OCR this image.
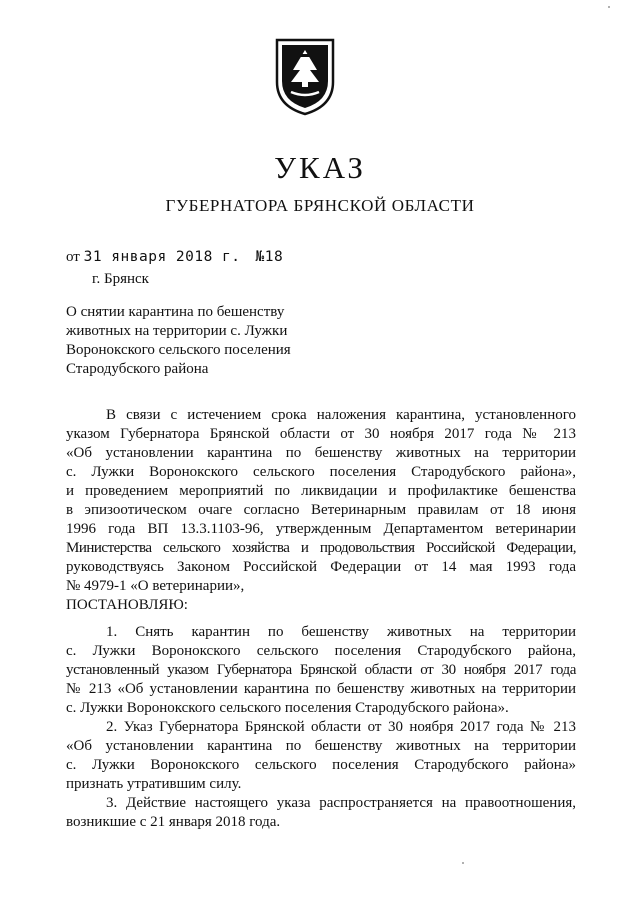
УКАЗ
ГУБЕРНАТОРА БРЯНСКОЙ ОБЛАСТИ
от 31 января 2018 г. №18
г. Брянск
О снятии карантина по бешенству
животных на территории с. Лужки
Воронокского сельского поселения
Стародубского района
В связи с истечением срока наложения карантина, установленного
указом Губернатора Брянской области от 30 ноября 2017 года № 213
«Об установлении карантина по бешенству животных на территории
с. Лужки Воронокского сельского поселения Стародубского района»,
и проведением мероприятий по ликвидации и профилактике бешенства
в эпизоотическом очаге согласно Ветеринарным правилам от 18 июня
1996 года ВП 13.3.1103-96, утвержденным Департаментом ветеринарии
Министерства сельского хозяйства и продовольствия Российской Федерации,
руководствуясь Законом Российской Федерации от 14 мая 1993 года
№ 4979-1 «О ветеринарии»,
ПОСТАНОВЛЯЮ:
1. Снять карантин по бешенству животных на территории
с. Лужки Воронокского сельского поселения Стародубского района,
установленный указом Губернатора Брянской области от 30 ноября 2017 года
№ 213 «Об установлении карантина по бешенству животных на территории
с. Лужки Воронокского сельского поселения Стародубского района».
2. Указ Губернатора Брянской области от 30 ноября 2017 года № 213
«Об установлении карантина по бешенству животных на территории
с. Лужки Воронокского сельского поселения Стародубского района»
признать утратившим силу.
3. Действие настоящего указа распространяется на правоотношения,
возникшие с 21 января 2018 года.
